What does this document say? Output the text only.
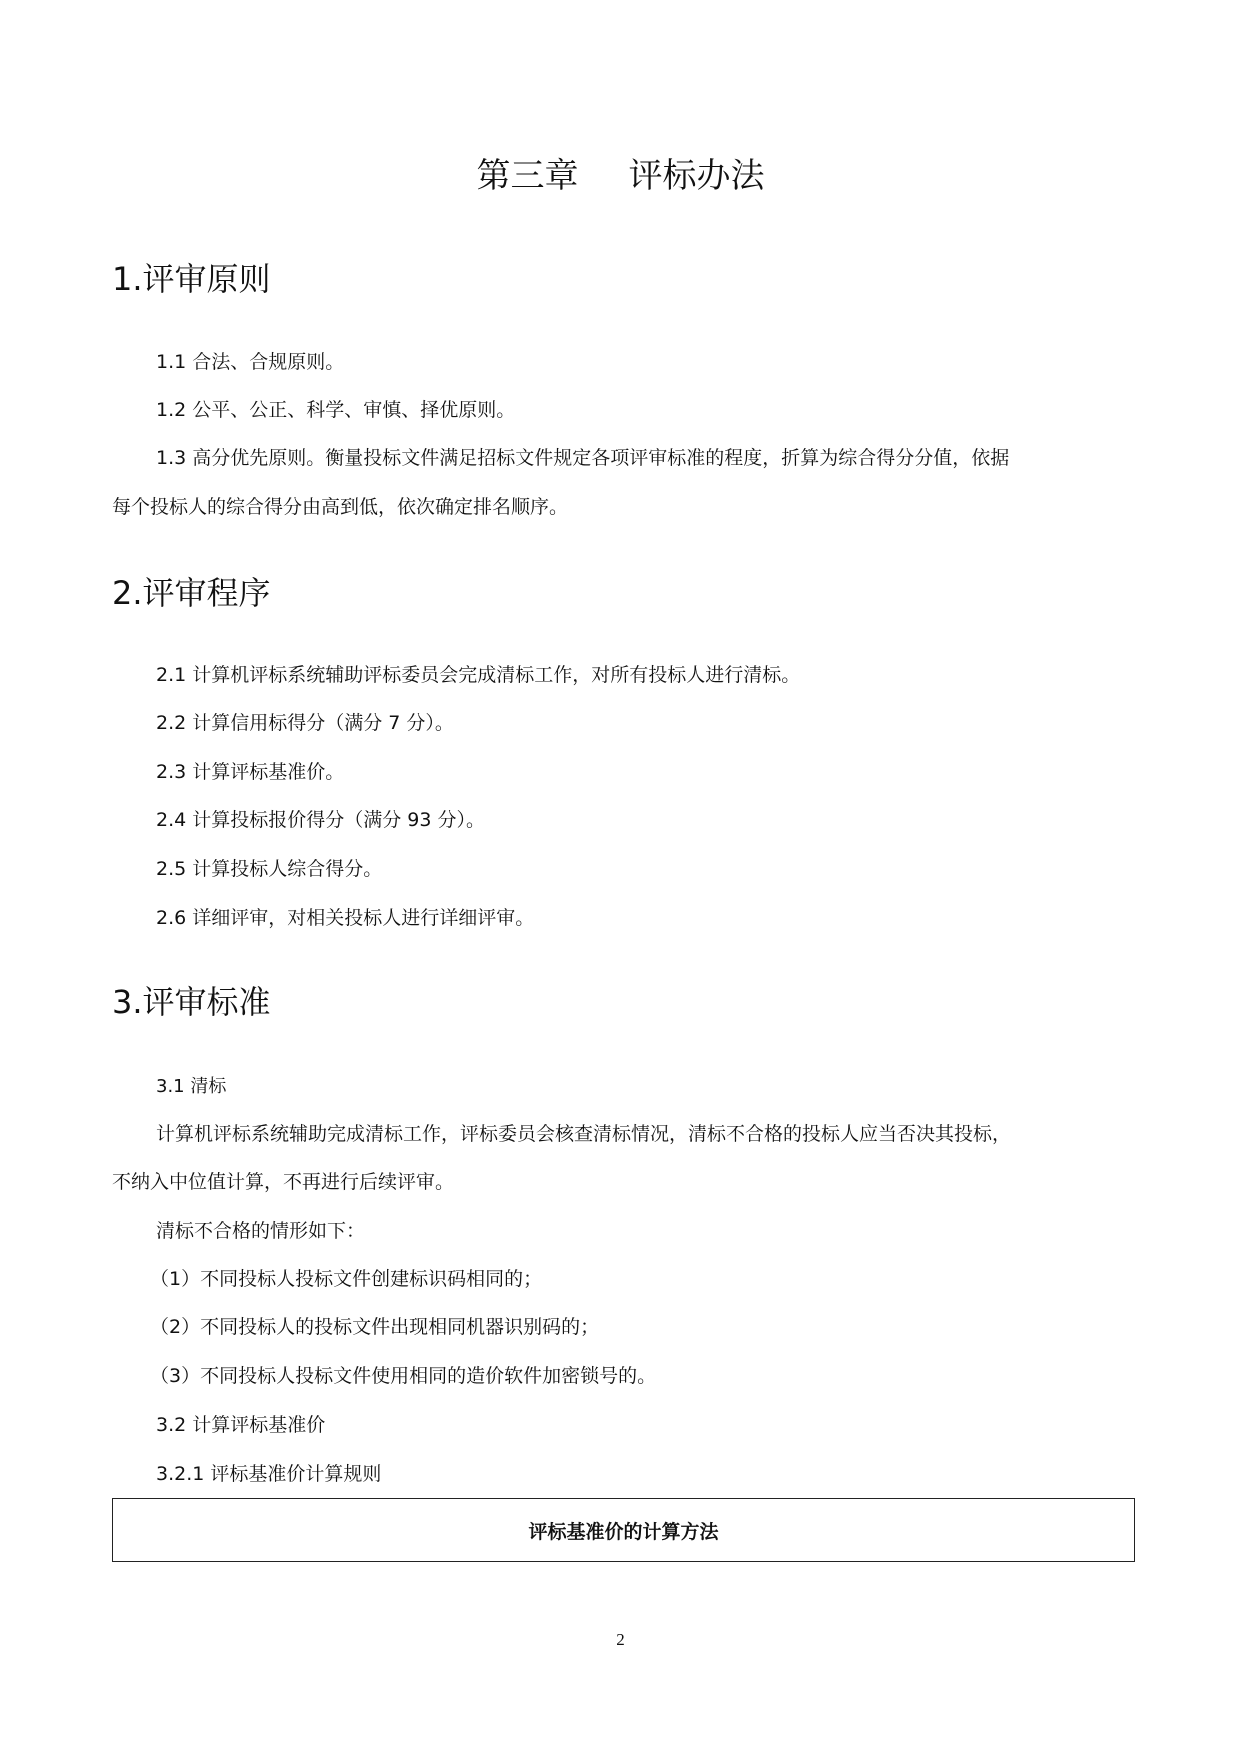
第三章 评标办法
1.评审原则
1.1 合法、合规原则。
1.2 公平、公正、科学、审慎、择优原则。
1.3 高分优先原则。衡量投标文件满足招标文件规定各项评审标准的程度，折算为综合得分分值，依据
每个投标人的综合得分由高到低，依次确定排名顺序。
2.评审程序
2.1 计算机评标系统辅助评标委员会完成清标工作，对所有投标人进行清标。
2.2 计算信用标得分（满分 7 分）。
2.3 计算评标基准价。
2.4 计算投标报价得分（满分 93 分）。
2.5 计算投标人综合得分。
2.6 详细评审，对相关投标人进行详细评审。
3.评审标准
3.1 清标
计算机评标系统辅助完成清标工作，评标委员会核查清标情况，清标不合格的投标人应当否决其投标，
不纳入中位值计算，不再进行后续评审。
清标不合格的情形如下：
（1）不同投标人投标文件创建标识码相同的；
（2）不同投标人的投标文件出现相同机器识别码的；
（3）不同投标人投标文件使用相同的造价软件加密锁号的。
3.2 计算评标基准价
3.2.1 评标基准价计算规则
评标基准价的计算方法
2
